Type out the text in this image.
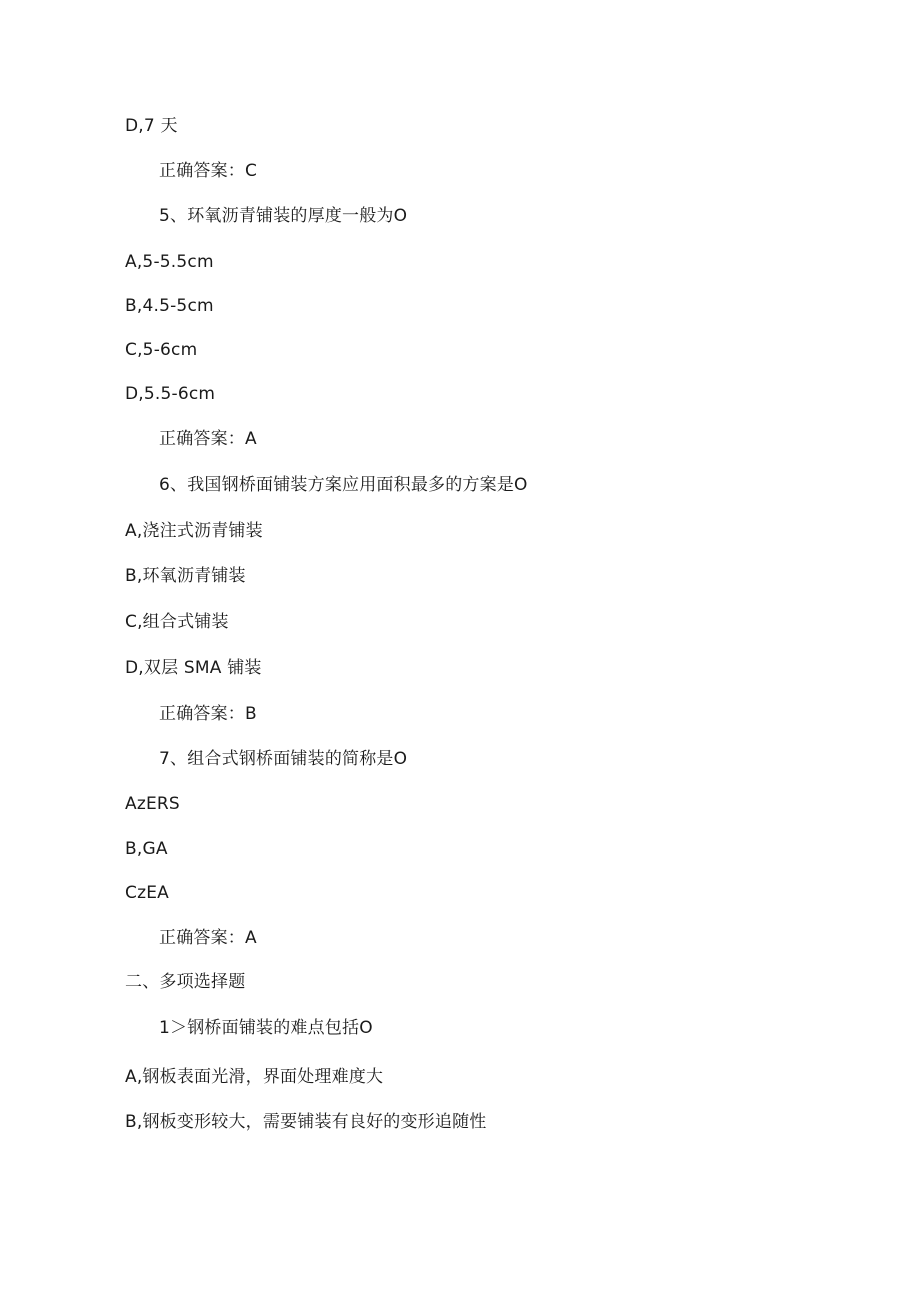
D,7 天
正确答案：C
5、环氧沥青铺装的厚度一般为O
A,5-5.5cm
B,4.5-5cm
C,5-6cm
D,5.5-6cm
正确答案：A
6、我国钢桥面铺装方案应用面积最多的方案是O
A,浇注式沥青铺装
B,环氧沥青铺装
C,组合式铺装
D,双层 SMA 铺装
正确答案：B
7、组合式钢桥面铺装的简称是O
AzERS
B,GA
CzEA
正确答案：A
二、多项选择题
1＞钢桥面铺装的难点包括O
A,钢板表面光滑，界面处理难度大
B,钢板变形较大，需要铺装有良好的变形追随性
